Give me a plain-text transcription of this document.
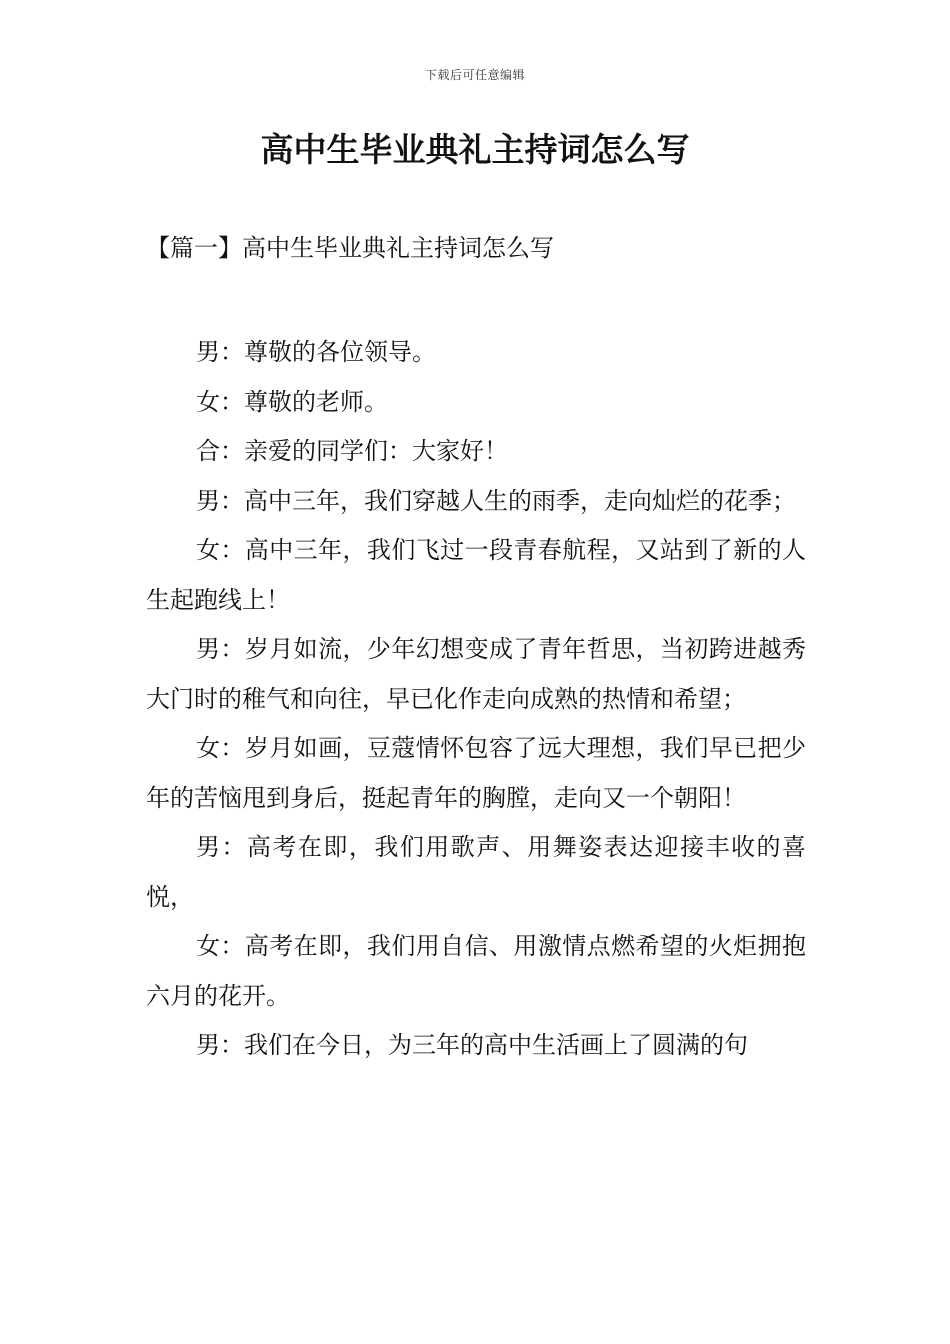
下载后可任意编辑
高中生毕业典礼主持词怎么写
【篇一】高中生毕业典礼主持词怎么写

男：尊敬的各位领导。

女：尊敬的老师。

合：亲爱的同学们：大家好！

男：高中三年，我们穿越人生的雨季，走向灿烂的花季；

女：高中三年，我们飞过一段青春航程，又站到了新的人生起跑线上！

男：岁月如流，少年幻想变成了青年哲思，当初跨进越秀大门时的稚气和向往，早已化作走向成熟的热情和希望；

女：岁月如画，豆蔻情怀包容了远大理想，我们早已把少年的苦恼甩到身后，挺起青年的胸膛，走向又一个朝阳！

男：高考在即，我们用歌声、用舞姿表达迎接丰收的喜悦，

女：高考在即，我们用自信、用激情点燃希望的火炬拥抱六月的花开。

男：我们在今日，为三年的高中生活画上了圆满的句
